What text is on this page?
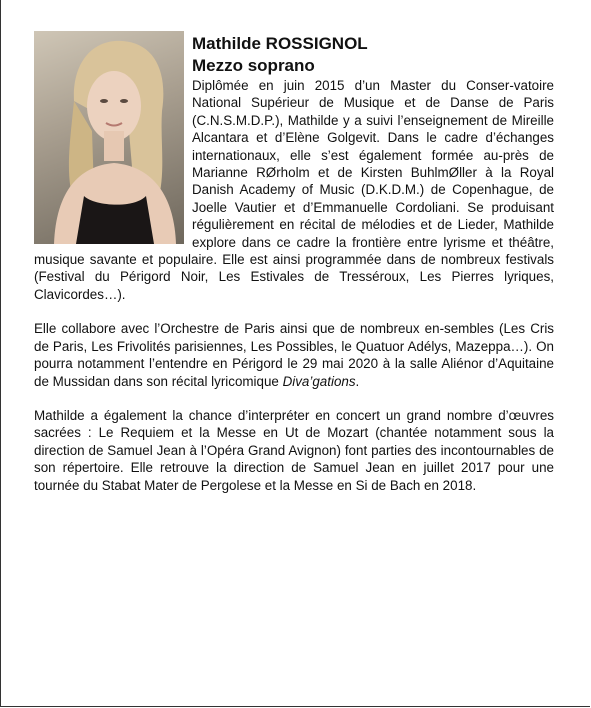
Mathilde ROSSIGNOL
Mezzo soprano

Diplômée en juin 2015 d’un Master du Conser-vatoire National Supérieur de Musique et de Danse de Paris (C.N.S.M.D.P.), Mathilde y a suivi l’enseignement de Mireille Alcantara et d’Elène Golgevit. Dans le cadre d’échanges internationaux, elle s’est également formée au-près de Marianne RØrholm et de Kirsten BuhlmØller à la Royal Danish Academy of Music (D.K.D.M.) de Copenhague, de Joelle Vautier et d’Emmanuelle Cordoliani. Se produisant régulièrement en récital de mélodies et de Lieder, Mathilde explore dans ce cadre la frontière entre lyrisme et théâtre, musique savante et populaire. Elle est ainsi programmée dans de nombreux festivals (Festival du Périgord Noir, Les Estivales de Tresséroux, Les Pierres lyriques, Clavicordes…).

Elle collabore avec l’Orchestre de Paris ainsi que de nombreux en-sembles (Les Cris de Paris, Les Frivolités parisiennes, Les Possibles, le Quatuor Adélys, Mazeppa…). On pourra notamment l’entendre en Périgord le 29 mai 2020 à la salle Aliénor d’Aquitaine de Mussidan dans son récital lyricomique Diva’gations.

Mathilde a également la chance d’interpréter en concert un grand nombre d’œuvres sacrées : Le Requiem et la Messe en Ut de Mozart (chantée notamment sous la direction de Samuel Jean à l’Opéra Grand Avignon) font parties des incontournables de son répertoire. Elle retrouve la direction de Samuel Jean en juillet 2017 pour une tournée du Stabat Mater de Pergolese et la Messe en Si de Bach en 2018.
